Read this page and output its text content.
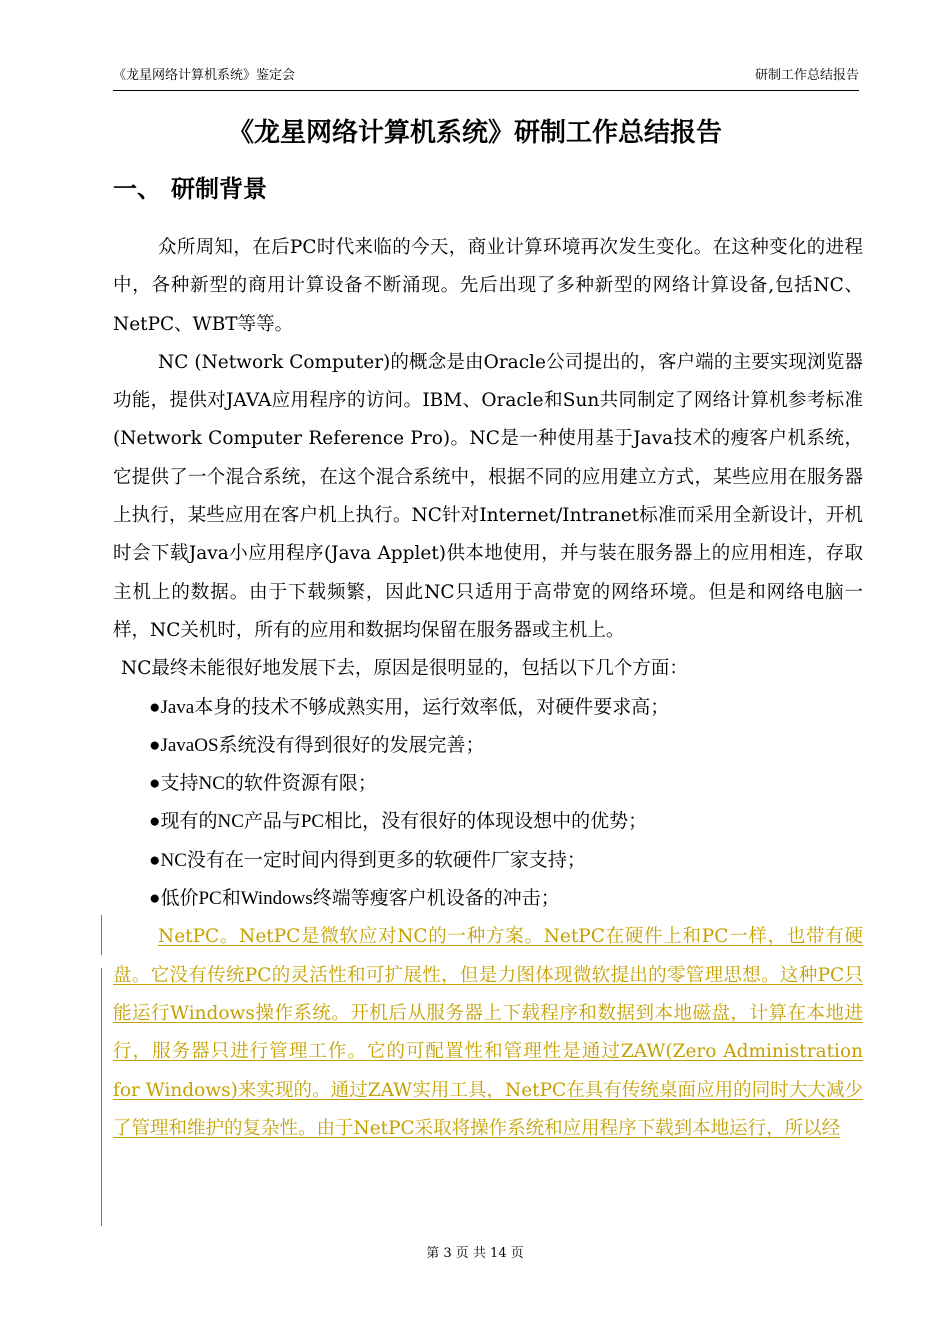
《龙星网络计算机系统》鉴定会	研制工作总结报告
《龙星网络计算机系统》研制工作总结报告
一、 研制背景

众所周知，在后PC时代来临的今天，商业计算环境再次发生变化。在这种变化的进程中，各种新型的商用计算设备不断涌现。先后出现了多种新型的网络计算设备,包括NC、NetPC、WBT等等。

NC (Network Computer)的概念是由Oracle公司提出的，客户端的主要实现浏览器功能，提供对JAVA应用程序的访问。IBM、Oracle和Sun共同制定了网络计算机参考标准(Network Computer Reference Pro)。NC是一种使用基于Java技术的瘦客户机系统，它提供了一个混合系统，在这个混合系统中，根据不同的应用建立方式，某些应用在服务器上执行，某些应用在客户机上执行。NC针对Internet/Intranet标准而采用全新设计，开机时会下载Java小应用程序(Java Applet)供本地使用，并与装在服务器上的应用相连，存取主机上的数据。由于下载频繁，因此NC只适用于高带宽的网络环境。但是和网络电脑一样，NC关机时，所有的应用和数据均保留在服务器或主机上。

NC最终未能很好地发展下去，原因是很明显的，包括以下几个方面：

●Java本身的技术不够成熟实用，运行效率低，对硬件要求高；

●JavaOS系统没有得到很好的发展完善；

●支持NC的软件资源有限；

●现有的NC产品与PC相比，没有很好的体现设想中的优势；

●NC没有在一定时间内得到更多的软硬件厂家支持；

●低价PC和Windows终端等瘦客户机设备的冲击；

NetPC。NetPC是微软应对NC的一种方案。NetPC在硬件上和PC一样，也带有硬盘。它没有传统PC的灵活性和可扩展性，但是力图体现微软提出的零管理思想。这种PC只能运行Windows操作系统。开机后从服务器上下载程序和数据到本地磁盘，计算在本地进行，服务器只进行管理工作。它的可配置性和管理性是通过ZAW(Zero Administration for Windows)来实现的。通过ZAW实用工具，NetPC在具有传统桌面应用的同时大大减少了管理和维护的复杂性。由于NetPC采取将操作系统和应用程序下载到本地运行，所以经

第 3 页 共 14 页
